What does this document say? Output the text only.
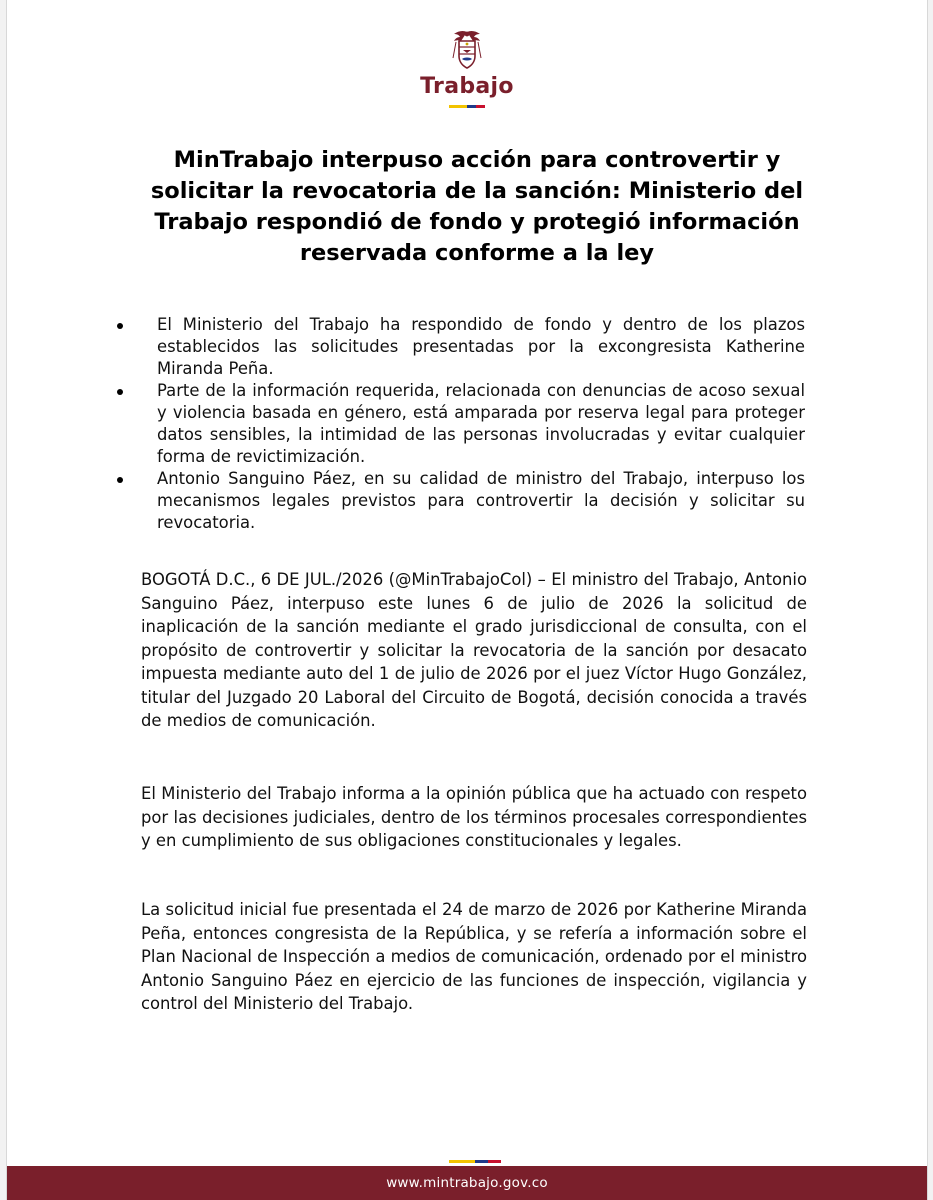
Trabajo
MinTrabajo interpuso acción para controvertir y solicitar la revocatoria de la sanción: Ministerio del Trabajo respondió de fondo y protegió información reservada conforme a la ley
El Ministerio del Trabajo ha respondido de fondo y dentro de los plazos establecidos las solicitudes presentadas por la excongresista Katherine Miranda Peña.
Parte de la información requerida, relacionada con denuncias de acoso sexual y violencia basada en género, está amparada por reserva legal para proteger datos sensibles, la intimidad de las personas involucradas y evitar cualquier forma de revictimización.
Antonio Sanguino Páez, en su calidad de ministro del Trabajo, interpuso los mecanismos legales previstos para controvertir la decisión y solicitar su revocatoria.

BOGOTÁ D.C., 6 DE JUL./2026 (@MinTrabajoCol) – El ministro del Trabajo, Antonio Sanguino Páez, interpuso este lunes 6 de julio de 2026 la solicitud de inaplicación de la sanción mediante el grado jurisdiccional de consulta, con el propósito de controvertir y solicitar la revocatoria de la sanción por desacato impuesta mediante auto del 1 de julio de 2026 por el juez Víctor Hugo González, titular del Juzgado 20 Laboral del Circuito de Bogotá, decisión conocida a través de medios de comunicación.

El Ministerio del Trabajo informa a la opinión pública que ha actuado con respeto por las decisiones judiciales, dentro de los términos procesales correspondientes y en cumplimiento de sus obligaciones constitucionales y legales.

La solicitud inicial fue presentada el 24 de marzo de 2026 por Katherine Miranda Peña, entonces congresista de la República, y se refería a información sobre el Plan Nacional de Inspección a medios de comunicación, ordenado por el ministro Antonio Sanguino Páez en ejercicio de las funciones de inspección, vigilancia y control del Ministerio del Trabajo.

www.mintrabajo.gov.co
